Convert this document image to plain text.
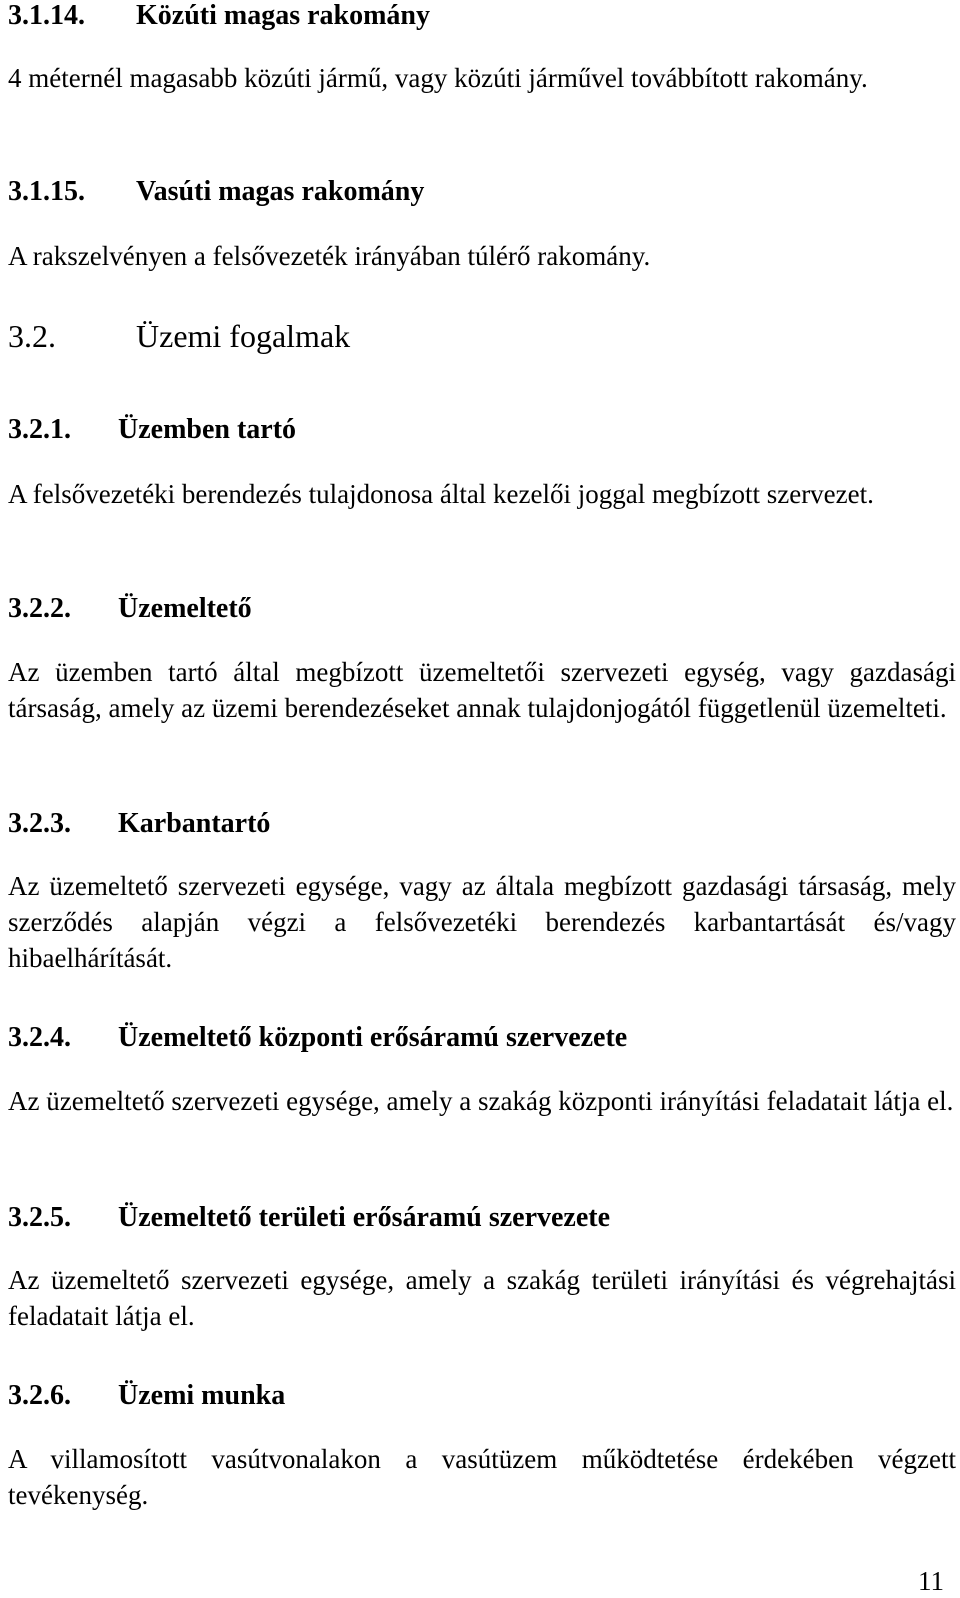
3.1.14. Közúti magas rakomány
4 méternél magasabb közúti jármű, vagy közúti járművel továbbított rakomány.
3.1.15. Vasúti magas rakomány
A rakszelvényen a felsővezeték irányában túlérő rakomány.
3.2.	Üzemi fogalmak
3.2.1. Üzemben tartó
A felsővezetéki berendezés tulajdonosa által kezelői joggal megbízott szervezet.
3.2.2. Üzemeltető
Az üzemben tartó által megbízott üzemeltetői szervezeti egység, vagy gazdasági társaság, amely az üzemi berendezéseket annak tulajdonjogától függetlenül üzemelteti.
3.2.3. Karbantartó
Az üzemeltető szervezeti egysége, vagy az általa megbízott gazdasági társaság, mely szerződés alapján végzi a felsővezetéki berendezés karbantartását és/vagy hibaelhárítását.
3.2.4. Üzemeltető központi erősáramú szervezete
Az üzemeltető szervezeti egysége, amely a szakág központi irányítási feladatait látja el.
3.2.5. Üzemeltető területi erősáramú szervezete
Az üzemeltető szervezeti egysége, amely a szakág területi irányítási és végrehajtási feladatait látja el.
3.2.6. Üzemi munka
A villamosított vasútvonalakon a vasútüzem működtetése érdekében végzett tevékenység.
11
